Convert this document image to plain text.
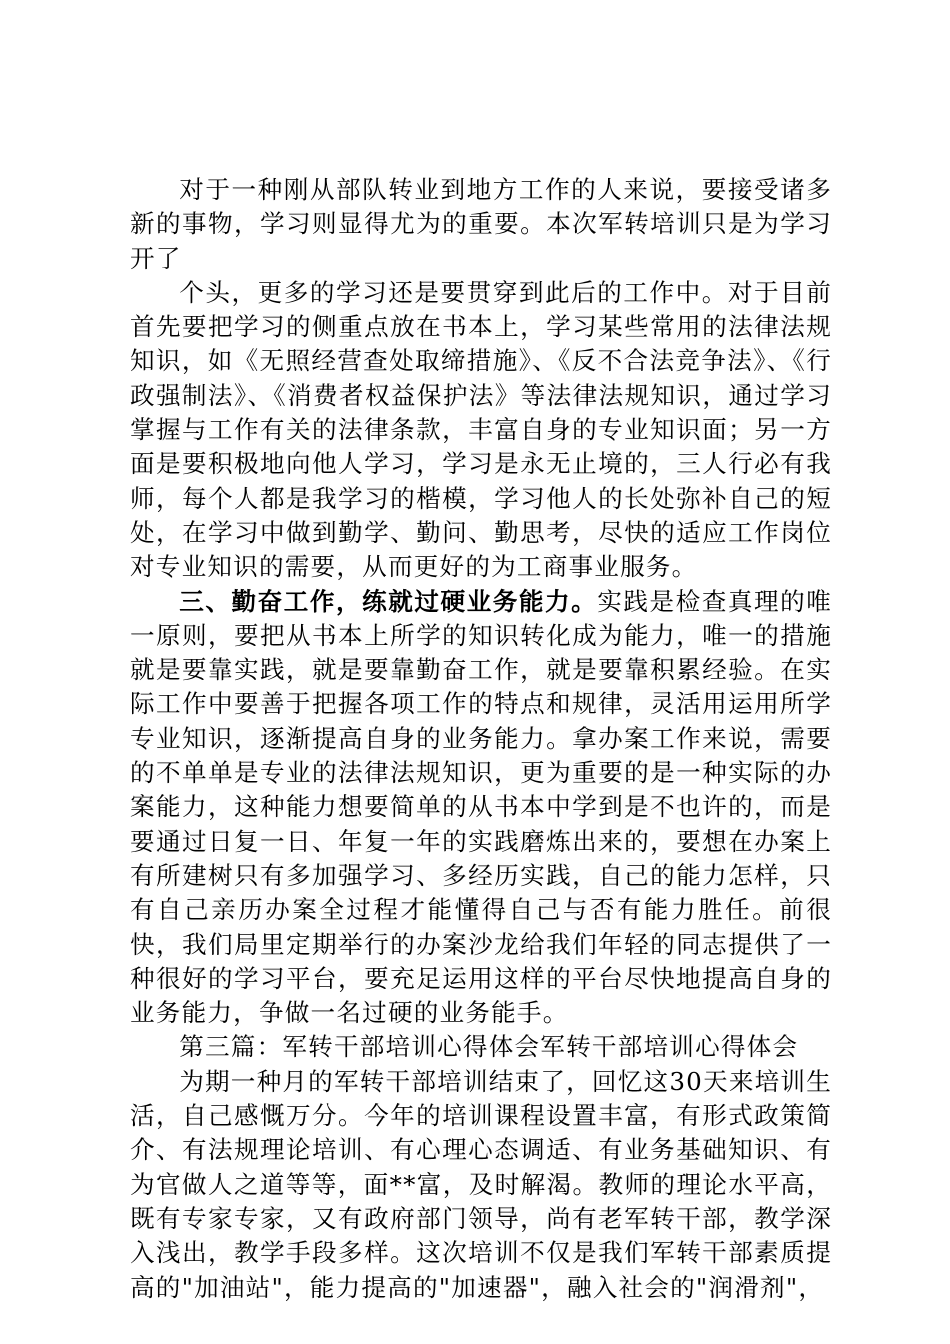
对于一种刚从部队转业到地方工作的人来说，要接受诸多新的事物，学习则显得尤为的重要。本次军转培训只是为学习开了

个头，更多的学习还是要贯穿到此后的工作中。对于目前首先要把学习的侧重点放在书本上，学习某些常用的法律法规知识，如《无照经营查处取缔措施》、《反不合法竞争法》、《行政强制法》、《消费者权益保护法》等法律法规知识，通过学习掌握与工作有关的法律条款，丰富自身的专业知识面；另一方面是要积极地向他人学习，学习是永无止境的，三人行必有我师，每个人都是我学习的楷模，学习他人的长处弥补自己的短处，在学习中做到勤学、勤问、勤思考，尽快的适应工作岗位对专业知识的需要，从而更好的为工商事业服务。

三、勤奋工作，练就过硬业务能力。实践是检查真理的唯一原则，要把从书本上所学的知识转化成为能力，唯一的措施就是要靠实践，就是要靠勤奋工作，就是要靠积累经验。在实际工作中要善于把握各项工作的特点和规律，灵活用运用所学专业知识，逐渐提高自身的业务能力。拿办案工作来说，需要的不单单是专业的法律法规知识，更为重要的是一种实际的办案能力，这种能力想要简单的从书本中学到是不也许的，而是要通过日复一日、年复一年的实践磨炼出来的，要想在办案上有所建树只有多加强学习、多经历实践，自己的能力怎样，只有自己亲历办案全过程才能懂得自己与否有能力胜任。前很快，我们局里定期举行的办案沙龙给我们年轻的同志提供了一种很好的学习平台，要充足运用这样的平台尽快地提高自身的业务能力，争做一名过硬的业务能手。

第三篇：军转干部培训心得体会军转干部培训心得体会

为期一种月的军转干部培训结束了，回忆这30天来培训生活，自己感慨万分。今年的培训课程设置丰富，有形式政策简介、有法规理论培训、有心理心态调适、有业务基础知识、有为官做人之道等等，面**富，及时解渴。教师的理论水平高，既有专家专家，又有政府部门领导，尚有老军转干部，教学深入浅出，教学手段多样。这次培训不仅是我们军转干部素质提高的"加油站"，能力提高的"加速器"，融入社会的"润滑剂"，
